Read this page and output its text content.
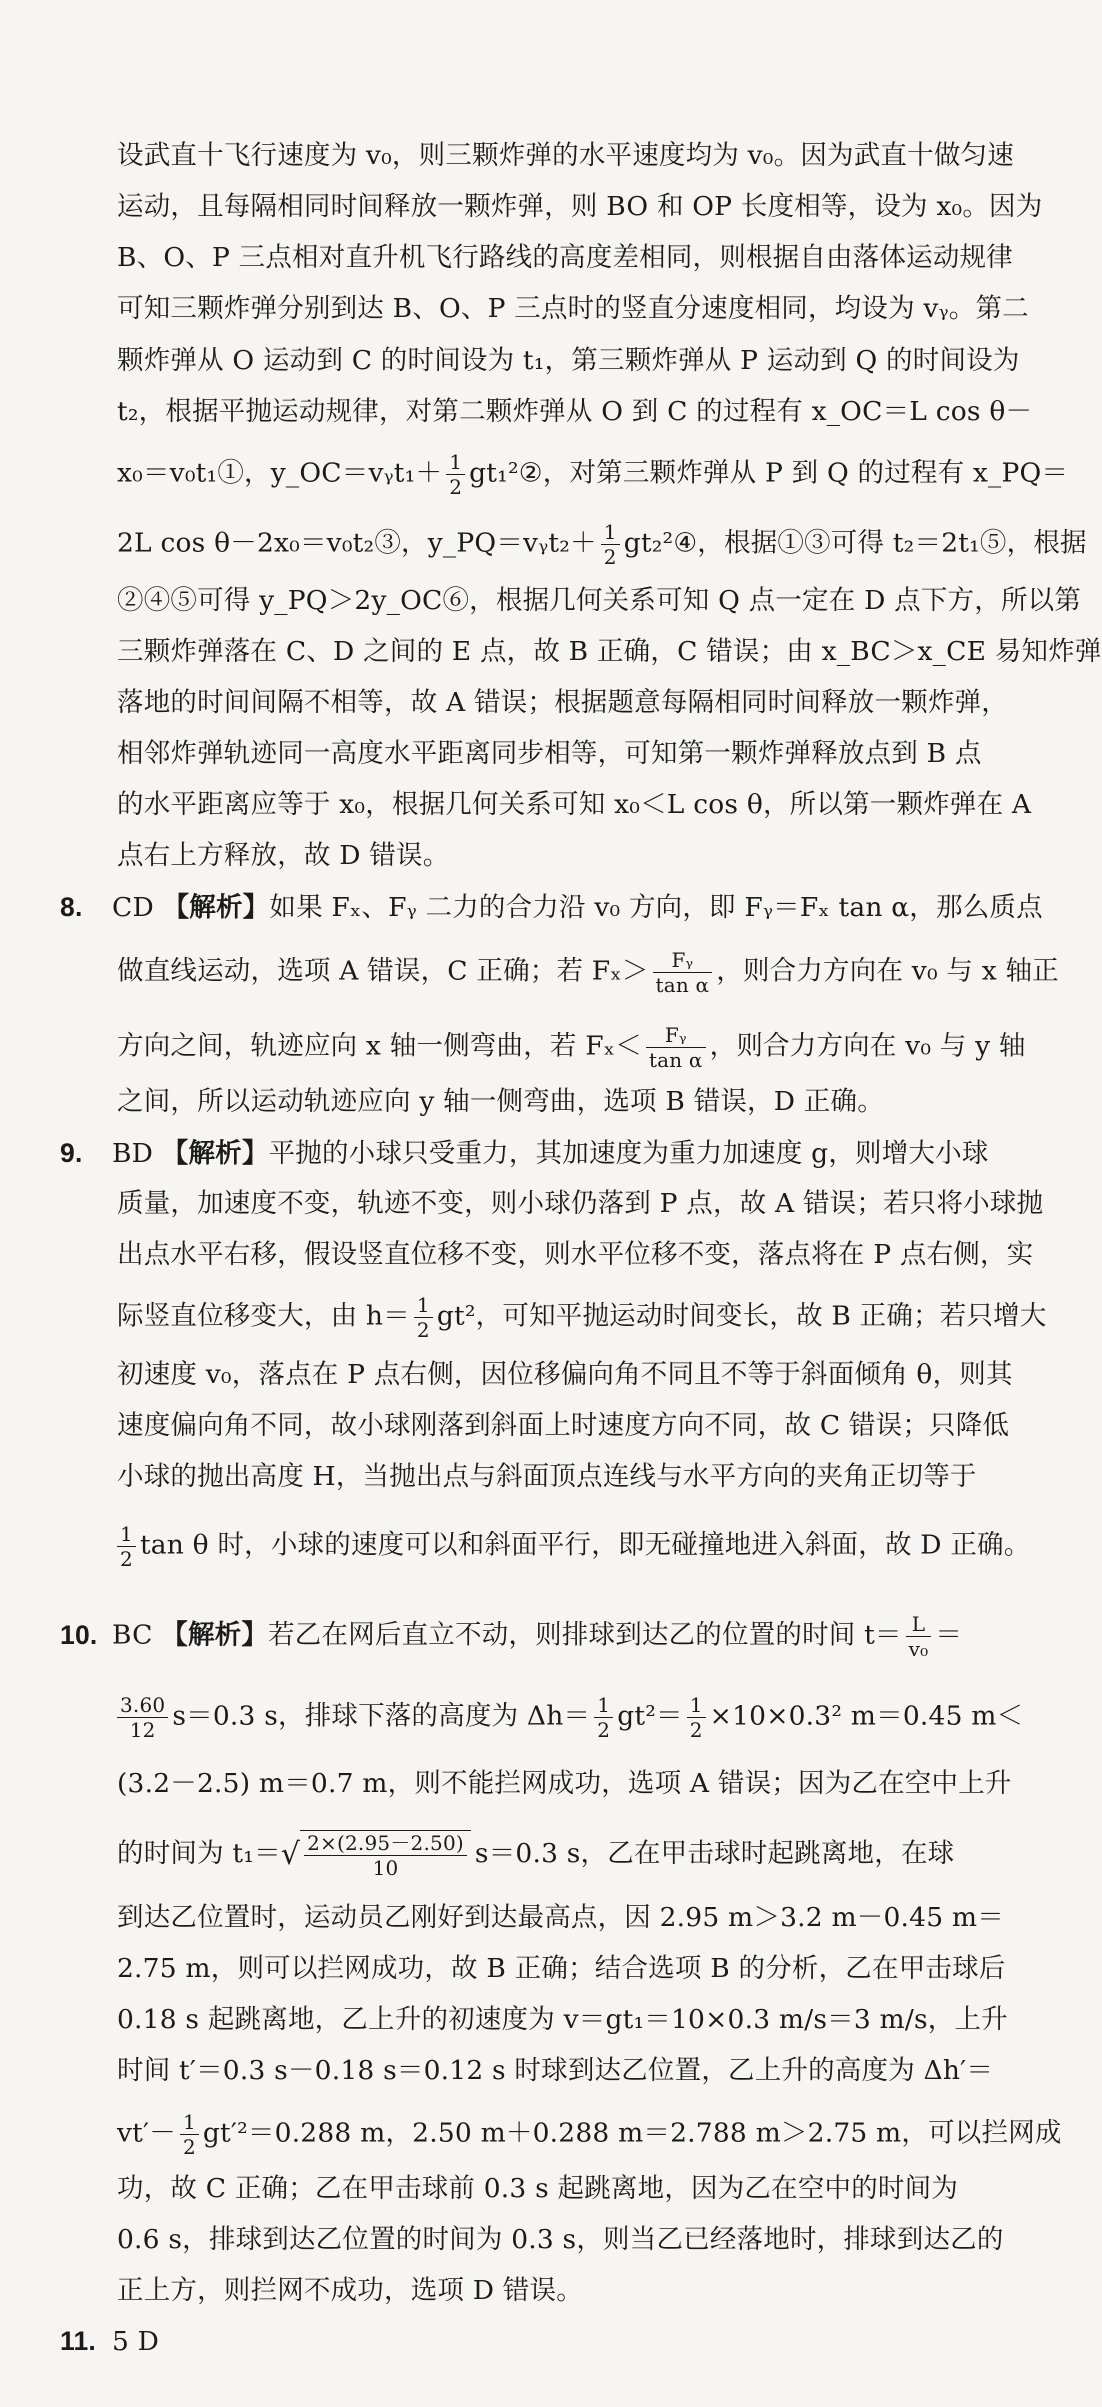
设武直十飞行速度为 v₀，则三颗炸弹的水平速度均为 v₀。因为武直十做匀速
运动，且每隔相同时间释放一颗炸弹，则 BO 和 OP 长度相等，设为 x₀。因为
B、O、P 三点相对直升机飞行路线的高度差相同，则根据自由落体运动规律
可知三颗炸弹分别到达 B、O、P 三点时的竖直分速度相同，均设为 vᵧ。第二
颗炸弹从 O 运动到 C 的时间设为 t₁，第三颗炸弹从 P 运动到 Q 的时间设为
t₂，根据平抛运动规律，对第二颗炸弹从 O 到 C 的过程有 x_OC＝L cos θ－
x₀＝v₀t₁①，y_OC＝vᵧt₁＋ $\frac{1}{2}$ gt₁²②，对第三颗炸弹从 P 到 Q 的过程有 x_PQ＝
2L cos θ－2x₀＝v₀t₂③，y_PQ＝vᵧt₂＋ $\frac{1}{2}$ gt₂²④，根据①③可得 t₂＝2t₁⑤，根据
②④⑤可得 y_PQ＞2y_OC⑥，根据几何关系可知 Q 点一定在 D 点下方，所以第
三颗炸弹落在 C、D 之间的 E 点，故 B 正确，C 错误；由 x_BC＞x_CE 易知炸弹
落地的时间间隔不相等，故 A 错误；根据题意每隔相同时间释放一颗炸弹，
相邻炸弹轨迹同一高度水平距离同步相等，可知第一颗炸弹释放点到 B 点
的水平距离应等于 x₀，根据几何关系可知 x₀＜L cos θ，所以第一颗炸弹在 A
点右上方释放，故 D 错误。
8. CD 【解析】如果 Fₓ、Fᵧ 二力的合力沿 v₀ 方向，即 Fᵧ＝Fₓ tan α，那么质点
做直线运动，选项 A 错误，C 正确；若 $F_x> \frac{\text{Fᵧ}}{\text{tan α}}$ ，则合力方向在 v₀ 与 x 轴正
方向之间，轨迹应向 x 轴一侧弯曲，若 $F_x< \frac{\text{Fᵧ}}{\text{tan α}}$ ，则合力方向在 v₀ 与 y 轴
之间，所以运动轨迹应向 y 轴一侧弯曲，选项 B 错误，D 正确。
9. BD 【解析】平抛的小球只受重力，其加速度为重力加速度 g，则增大小球
质量，加速度不变，轨迹不变，则小球仍落到 P 点，故 A 错误；若只将小球抛
出点水平右移，假设竖直位移不变，则水平位移不变，落点将在 P 点右侧，实
际竖直位移变大，由 $h= \frac{1}{2} gt^2$，可知平抛运动时间变长，故 B 正确；若只增大
初速度 v₀，落点在 P 点右侧，因位移偏向角不同且不等于斜面倾角 θ，则其
速度偏向角不同，故小球刚落到斜面上时速度方向不同，故 C 错误；只降低
小球的抛出高度 H，当抛出点与斜面顶点连线与水平方向的夹角正切等于
$\frac{1}{2}$ tan θ 时，小球的速度可以和斜面平行，即无碰撞地进入斜面，故 D 正确。
10. BC 【解析】若乙在网后直立不动，则排球到达乙的位置的时间 $t= \frac{L}{\text{v₀}}$ ＝
$\frac{3.60}{12} s=0.3$ s，排球下落的高度为 $\Delta h= \frac{1}{2} gt^2= \frac{1}{2} \times 10\times 0.3^2$ m＝0.45 m＜
(3.2－2.5) m＝0.7 m，则不能拦网成功，选项 A 错误；因为乙在空中上升
的时间为 $t_1=√ \frac{2\times(2.95-2.50)}{10} s=0.3$ s，乙在甲击球时起跳离地，在球
到达乙位置时，运动员乙刚好到达最高点，因 2.95 m＞3.2 m－0.45 m＝
2.75 m，则可以拦网成功，故 B 正确；结合选项 B 的分析，乙在甲击球后
0.18 s 起跳离地，乙上升的初速度为 v＝gt₁＝10×0.3 m/s＝3 m/s，上升
时间 t′＝0.3 s－0.18 s＝0.12 s 时球到达乙位置，乙上升的高度为 Δh′＝
$vt'- \frac{1}{2} gt'^2=0.288$ m，2.50 m＋0.288 m＝2.788 m＞2.75 m，可以拦网成
功，故 C 正确；乙在甲击球前 0.3 s 起跳离地，因为乙在空中的时间为
0.6 s，排球到达乙位置的时间为 0.3 s，则当乙已经落地时，排球到达乙的
正上方，则拦网不成功，选项 D 错误。
11. 5 D
